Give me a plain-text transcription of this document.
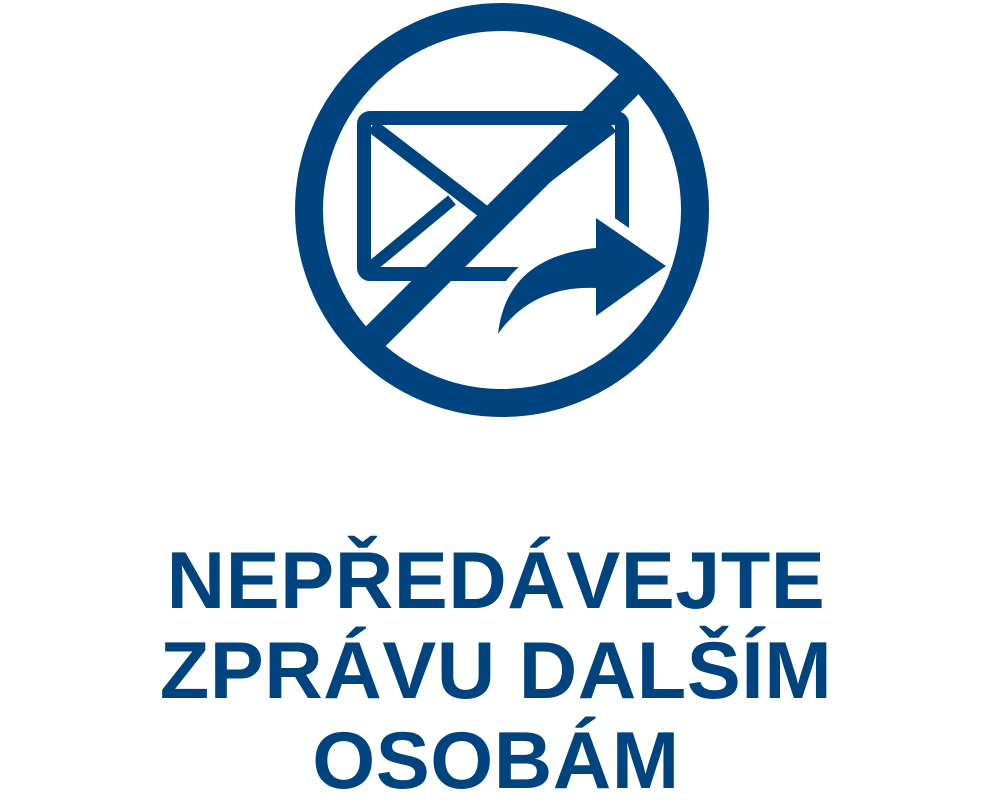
NEPŘEDÁVEJTE
ZPRÁVU DALŠÍM
OSOBÁM
